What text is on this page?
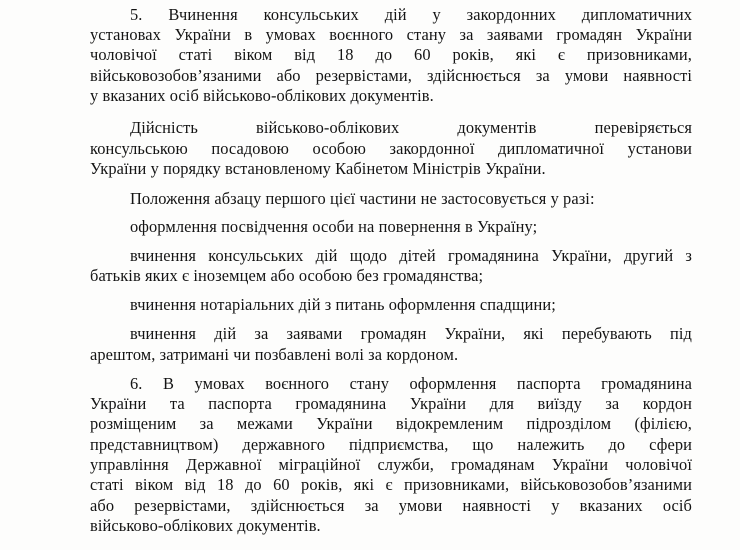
5. Вчинення консульських дій у закордонних дипломатичних
установах України в умовах воєнного стану за заявами громадян України
чоловічої статі віком від 18 до 60 років, які є призовниками,
військовозобов’язаними або резервістами, здійснюється за умови наявності
у вказаних осіб військово-облікових документів.
Дійсність військово-облікових документів перевіряється
консульською посадовою особою закордонної дипломатичної установи
України у порядку встановленому Кабінетом Міністрів України.
Положення абзацу першого цієї частини не застосовується у разі:
оформлення посвідчення особи на повернення в Україну;
вчинення консульських дій щодо дітей громадянина України, другий з
батьків яких є іноземцем або особою без громадянства;
вчинення нотаріальних дій з питань оформлення спадщини;
вчинення дій за заявами громадян України, які перебувають під
арештом, затримані чи позбавлені волі за кордоном.
6. В умовах воєнного стану оформлення паспорта громадянина
України та паспорта громадянина України для виїзду за кордон
розміщеним за межами України відокремленим підрозділом (філією,
представництвом) державного підприємства, що належить до сфери
управління Державної міграційної служби, громадянам України чоловічої
статі віком від 18 до 60 років, які є призовниками, військовозобов’язаними
або резервістами, здійснюється за умови наявності у вказаних осіб
військово-облікових документів.
